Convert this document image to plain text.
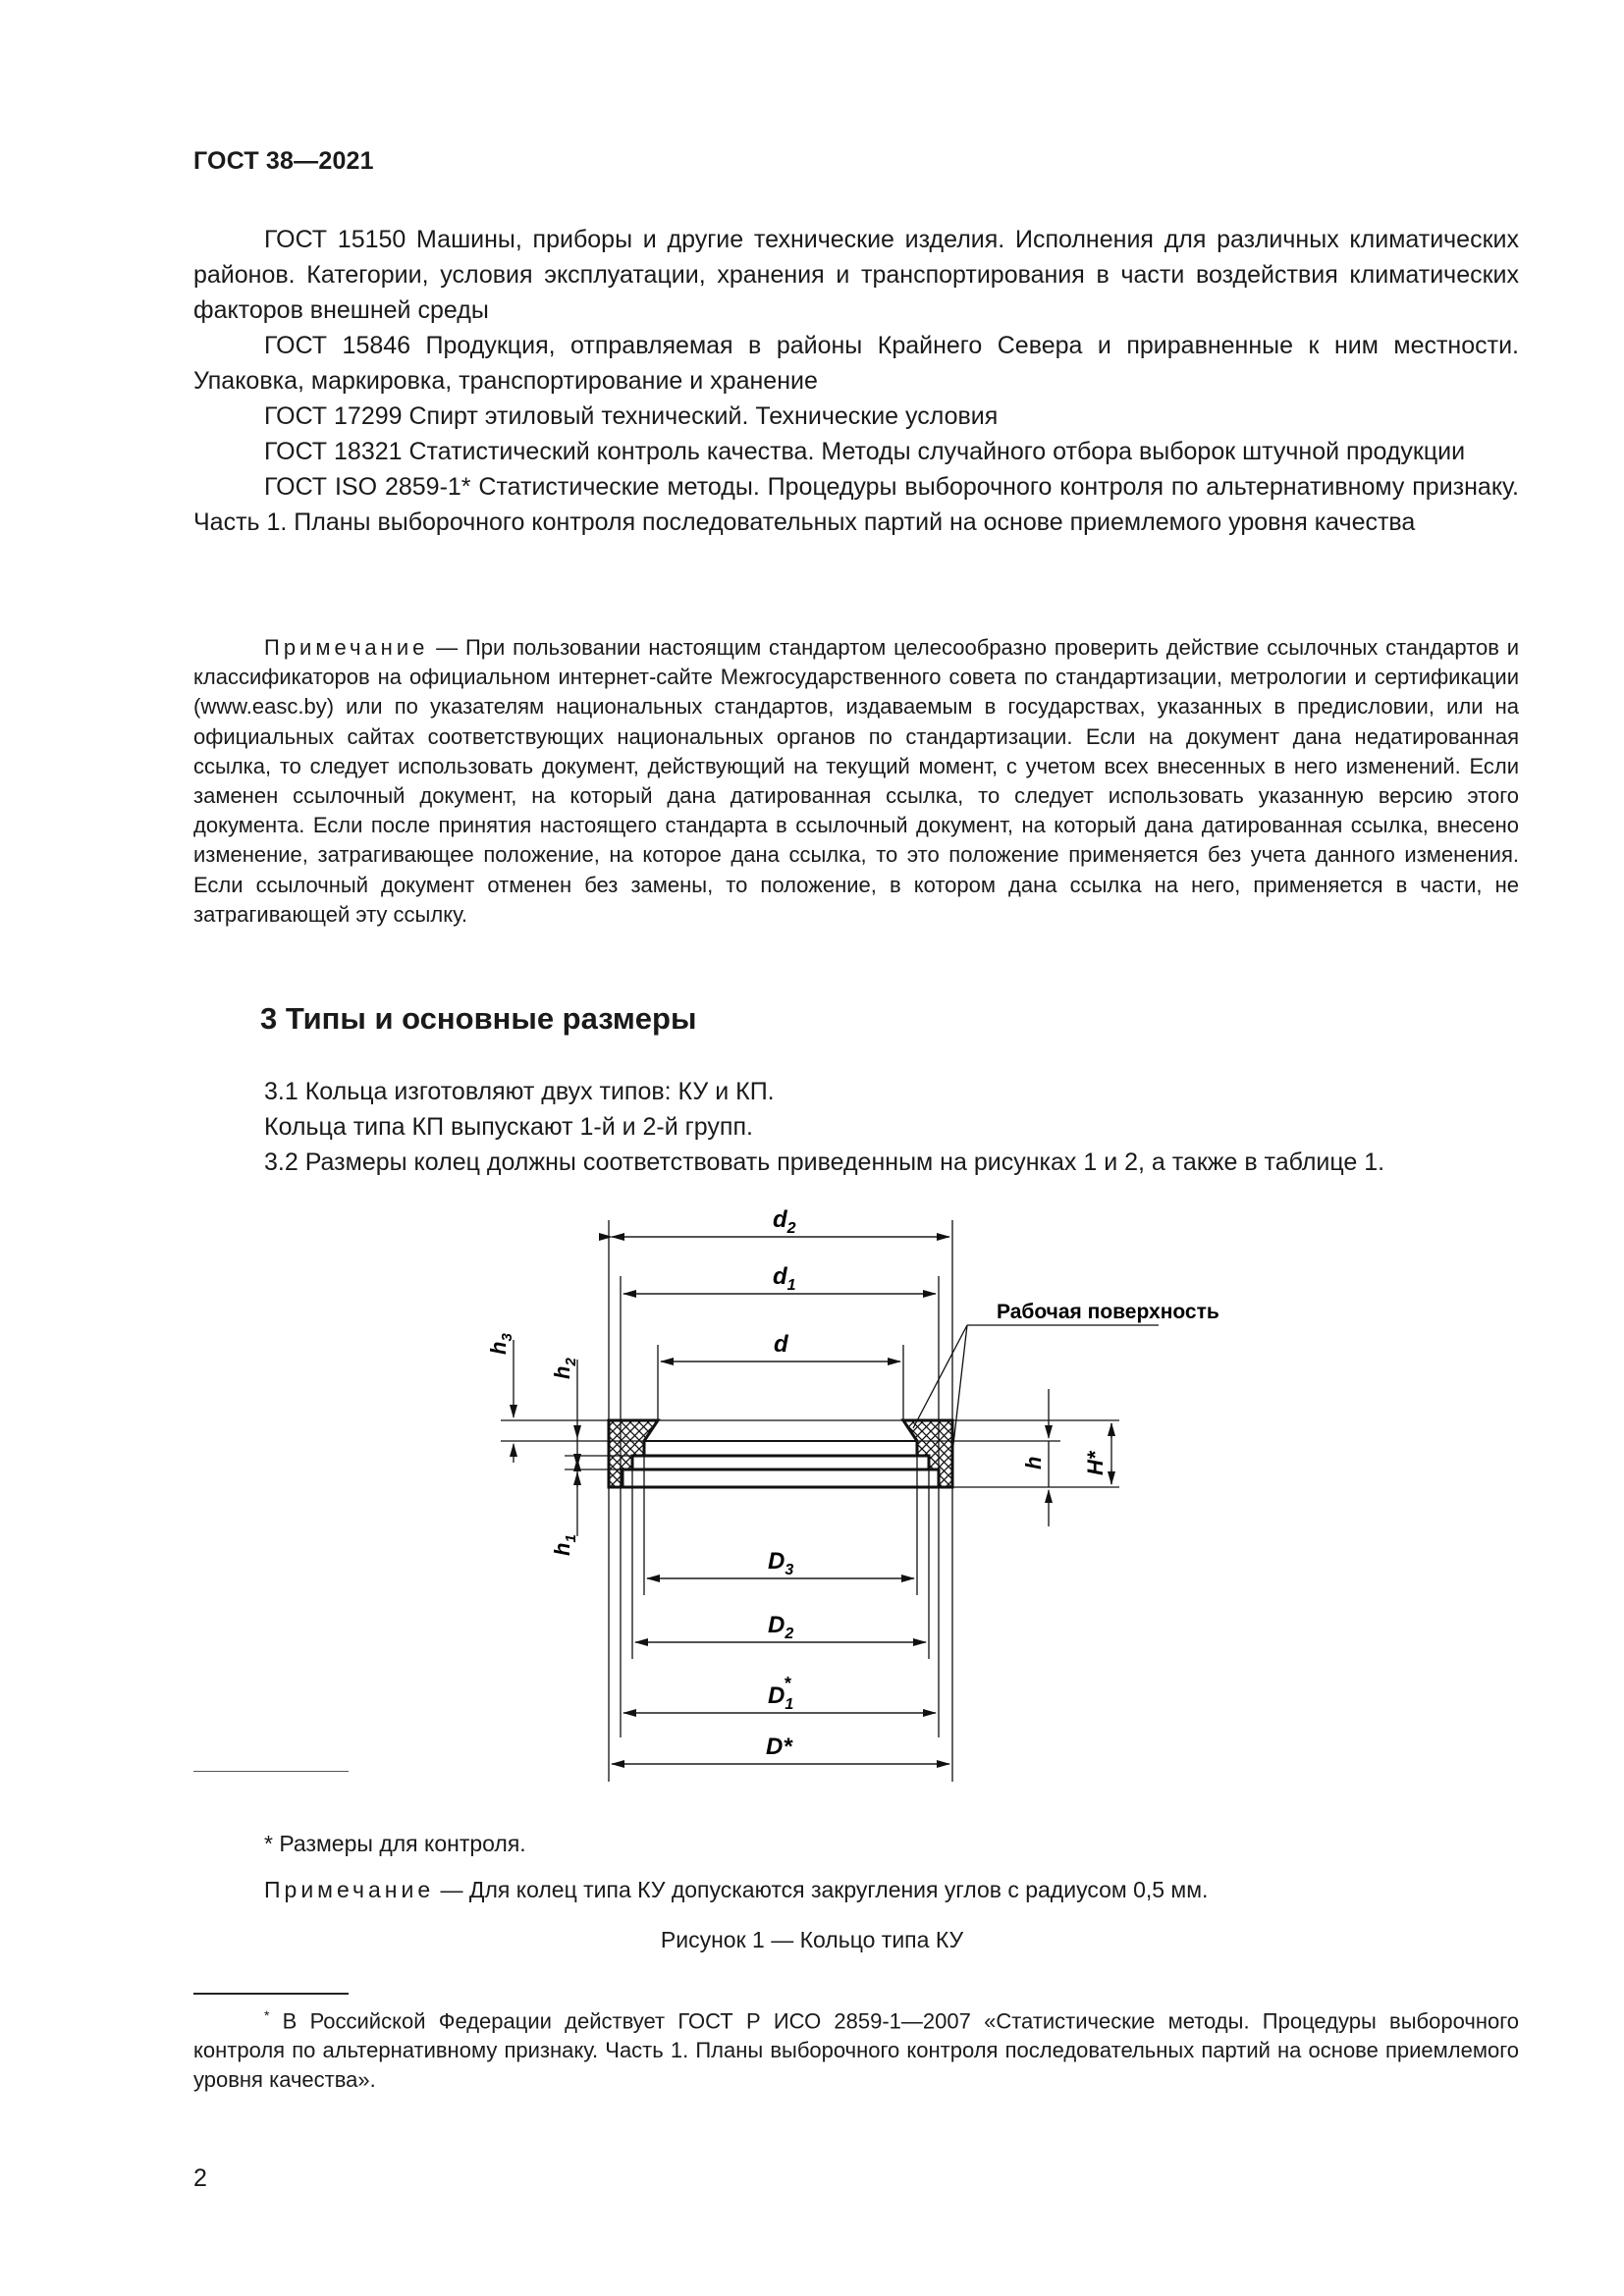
ГОСТ 38—2021

ГОСТ 15150 Машины, приборы и другие технические изделия. Исполнения для различных климатических районов. Категории, условия эксплуатации, хранения и транспортирования в части воздействия климатических факторов внешней среды

ГОСТ 15846 Продукция, отправляемая в районы Крайнего Севера и приравненные к ним местности. Упаковка, маркировка, транспортирование и хранение

ГОСТ 17299 Спирт этиловый технический. Технические условия

ГОСТ 18321 Статистический контроль качества. Методы случайного отбора выборок штучной продукции

ГОСТ ISO 2859-1* Статистические методы. Процедуры выборочного контроля по альтернативному признаку. Часть 1. Планы выборочного контроля последовательных партий на основе приемлемого уровня качества

Примечание — При пользовании настоящим стандартом целесообразно проверить действие ссылочных стандартов и классификаторов на официальном интернет-сайте Межгосударственного совета по стандартизации, метрологии и сертификации (www.easc.by) или по указателям национальных стандартов, издаваемым в государствах, указанных в предисловии, или на официальных сайтах соответствующих национальных органов по стандартизации. Если на документ дана недатированная ссылка, то следует использовать документ, действующий на текущий момент, с учетом всех внесенных в него изменений. Если заменен ссылочный документ, на который дана датированная ссылка, то следует использовать указанную версию этого документа. Если после принятия настоящего стандарта в ссылочный документ, на который дана датированная ссылка, внесено изменение, затрагивающее положение, на которое дана ссылка, то это положение применяется без учета данного изменения. Если ссылочный документ отменен без замены, то положение, в котором дана ссылка на него, применяется в части, не затрагивающей эту ссылку.

3 Типы и основные размеры
3.1 Кольца изготовляют двух типов: КУ и КП.
Кольца типа КП выпускают 1-й и 2-й групп.
3.2 Размеры колец должны соответствовать приведенным на рисунках 1 и 2, а также в таблице 1.
$d_2$
$d_1$
d
$D_3$
$D_2$
$D_1*$
D*
$h_3$
$h_2$
$h_1$
h H*
Рабочая поверхность
* Размеры для контроля.
Примечание — Для колец типа КУ допускаются закругления углов с радиусом 0,5 мм.
Рисунок 1 — Кольцо типа КУ

* В Российской Федерации действует ГОСТ Р ИСО 2859-1—2007 «Статистические методы. Процедуры выборочного контроля по альтернативному признаку. Часть 1. Планы выборочного контроля последовательных партий на основе приемлемого уровня качества».

2
